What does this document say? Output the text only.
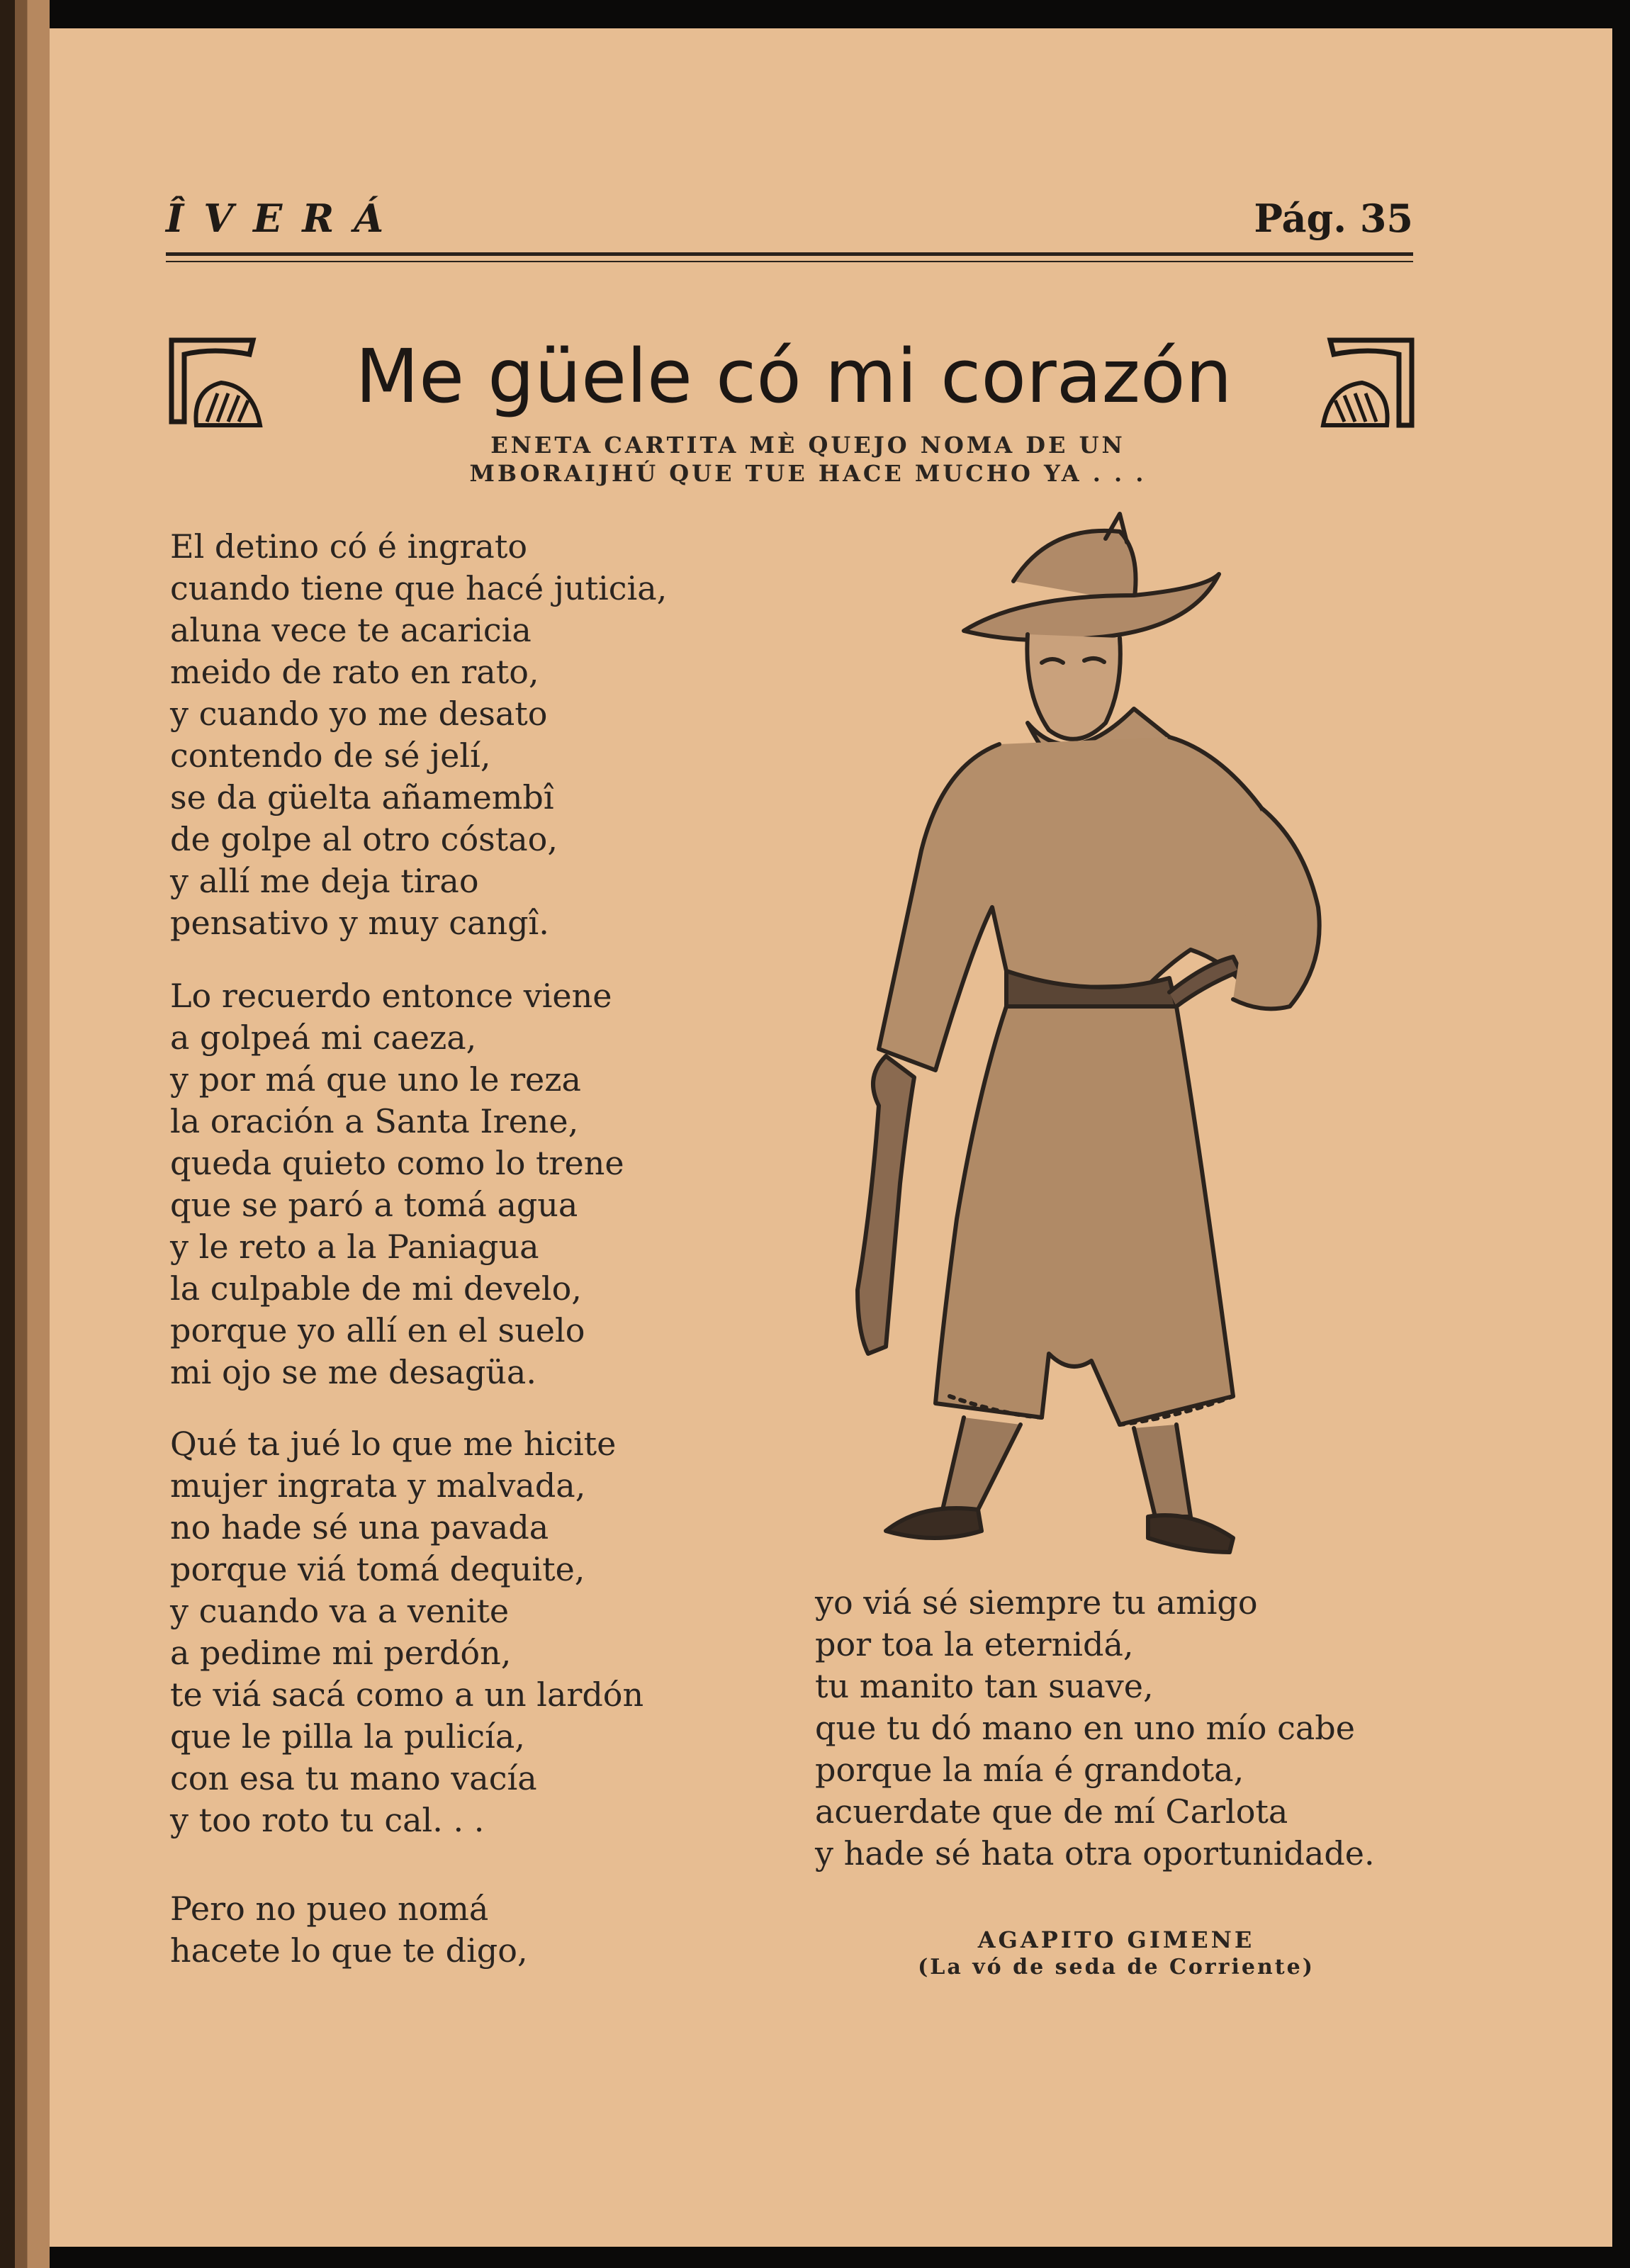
ÎVERÁ	Pág. 35
Me güele có mi corazón
ENETA CARTITA MÈ QUEJO NOMA DE UN
MBORAIJHÚ QUE TUE HACE MUCHO YA . . .
El detino có é ingrato
cuando tiene que hacé juticia,
aluna vece te acaricia
meido de rato en rato,
y cuando yo me desato
contendo de sé jelí,
se da güelta añamembî
de golpe al otro cóstao,
y allí me deja tirao
pensativo y muy cangî.
Lo recuerdo entonce viene
a golpeá mi caeza,
y por má que uno le reza
la oración a Santa Irene,
queda quieto como lo trene
que se paró a tomá agua
y le reto a la Paniagua
la culpable de mi develo,
porque yo allí en el suelo
mi ojo se me desagüa.
Qué ta jué lo que me hicite
mujer ingrata y malvada,
no hade sé una pavada
porque viá tomá dequite,
y cuando va a venite
a pedime mi perdón,
te viá sacá como a un lardón
que le pilla la pulicía,
con esa tu mano vacía
y too roto tu cal. . .
Pero no pueo nomá
hacete lo que te digo,
yo viá sé siempre tu amigo
por toa la eternidá,
tu manito tan suave,
que tu dó mano en uno mío cabe
porque la mía é grandota,
acuerdate que de mí Carlota
y hade sé hata otra oportunidade.
AGAPITO GIMENE
(La vó de seda de Corriente)
